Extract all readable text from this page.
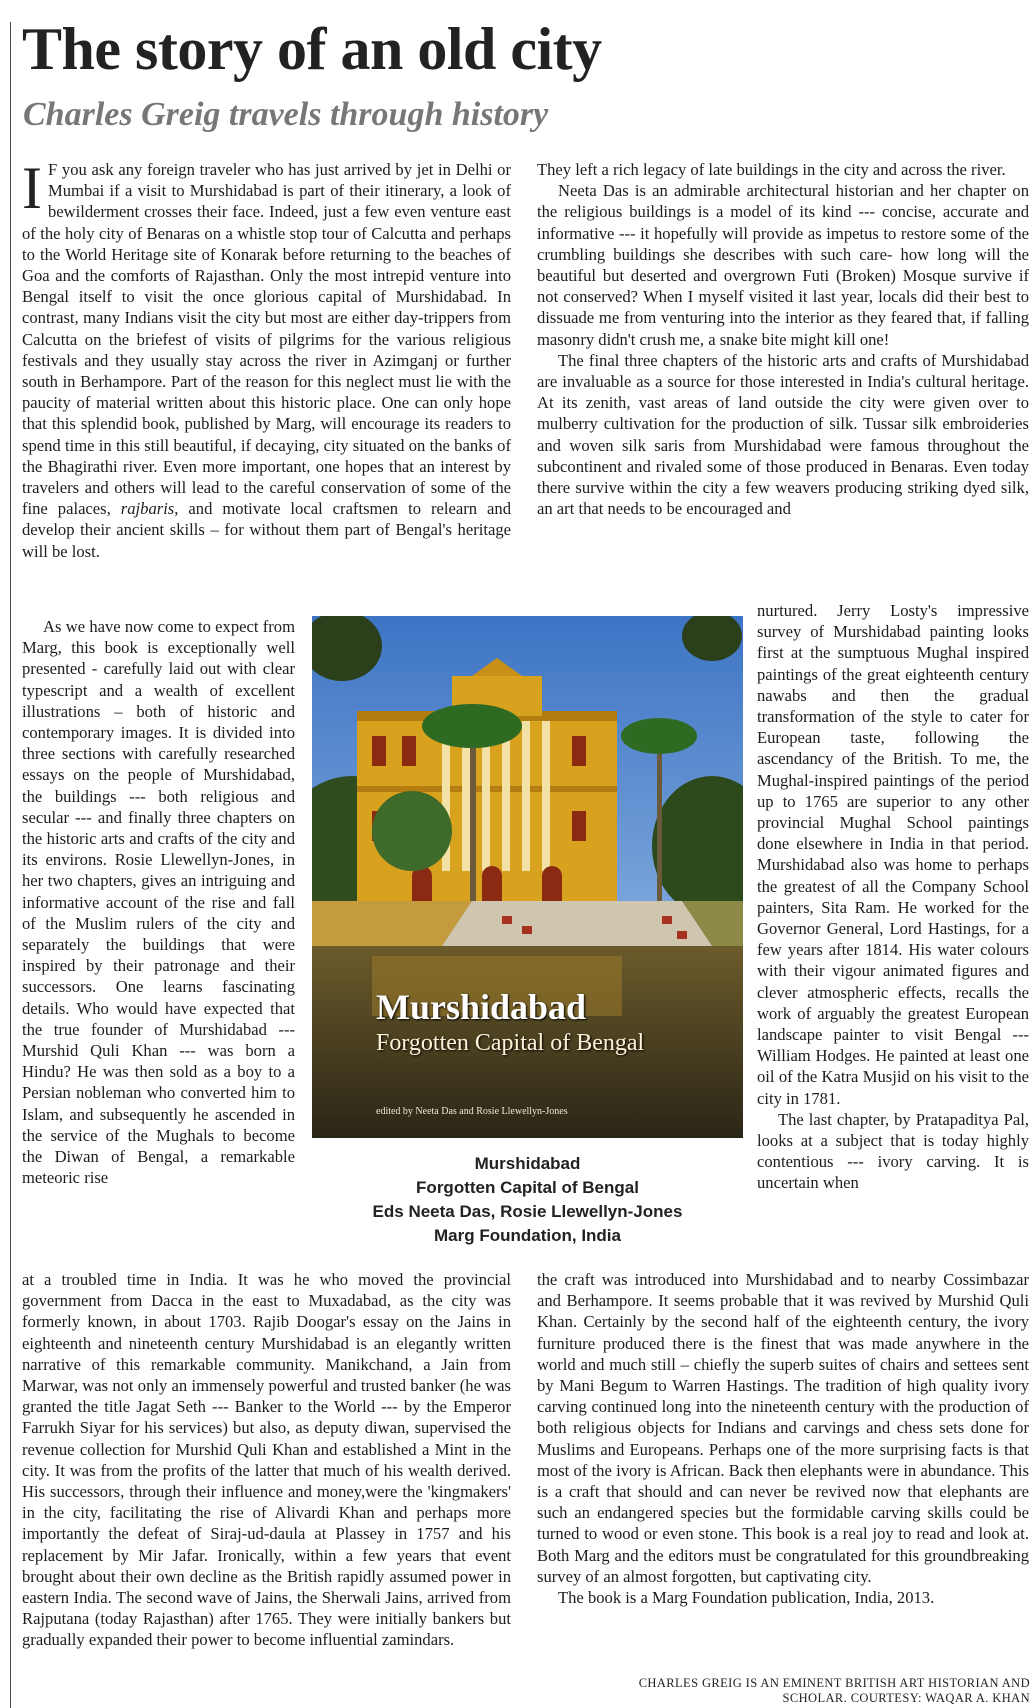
The story of an old city
Charles Greig travels through history
I F you ask any foreign traveler who has just arrived by jet in Delhi or Mumbai if a visit to Murshidabad is part of their itinerary, a look of bewilderment crosses their face. Indeed, just a few even venture east of the holy city of Benaras on a whistle stop tour of Calcutta and perhaps to the World Heritage site of Konarak before returning to the beaches of Goa and the comforts of Rajasthan. Only the most intrepid venture into Bengal itself to visit the once glorious capital of Murshidabad. In contrast, many Indians visit the city but most are either day-trippers from Calcutta on the briefest of visits of pilgrims for the various religious festivals and they usually stay across the river in Azimganj or further south in Berhampore. Part of the reason for this neglect must lie with the paucity of material written about this historic place. One can only hope that this splendid book, published by Marg, will encourage its readers to spend time in this still beautiful, if decaying, city situated on the banks of the Bhagirathi river. Even more important, one hopes that an interest by travelers and others will lead to the careful conservation of some of the fine palaces, rajbaris, and motivate local craftsmen to relearn and develop their ancient skills – for without them part of Bengal's heritage will be lost.

As we have now come to expect from Marg, this book is exceptionally well presented - carefully laid out with clear typescript and a wealth of excellent illustrations – both of historic and contemporary images. It is divided into three sections with carefully researched essays on the people of Murshidabad, the buildings --- both religious and secular --- and finally three chapters on the historic arts and crafts of the city and its environs. Rosie Llewellyn-Jones, in her two chapters, gives an intriguing and informative account of the rise and fall of the Muslim rulers of the city and separately the buildings that were inspired by their patronage and their successors. One learns fascinating details. Who would have expected that the true founder of Murshidabad --- Murshid Quli Khan --- was born a Hindu? He was then sold as a boy to a Persian nobleman who converted him to Islam, and subsequently he ascended in the service of the Mughals to become the Diwan of Bengal, a remarkable meteoric rise

at a troubled time in India. It was he who moved the provincial government from Dacca in the east to Muxadabad, as the city was formerly known, in about 1703. Rajib Doogar's essay on the Jains in eighteenth and nineteenth century Murshidabad is an elegantly written narrative of this remarkable community. Manikchand, a Jain from Marwar, was not only an immensely powerful and trusted banker (he was granted the title Jagat Seth --- Banker to the World --- by the Emperor Farrukh Siyar for his services) but also, as deputy diwan, supervised the revenue collection for Murshid Quli Khan and established a Mint in the city. It was from the profits of the latter that much of his wealth derived. His successors, through their influence and money,were the 'kingmakers' in the city, facilitating the rise of Alivardi Khan and perhaps more importantly the defeat of Siraj-ud-daula at Plassey in 1757 and his replacement by Mir Jafar. Ironically, within a few years that event brought about their own decline as the British rapidly assumed power in eastern India. The second wave of Jains, the Sherwali Jains, arrived from Rajputana (today Rajasthan) after 1765. They were initially bankers but gradually expanded their power to become influential zamindars.

They left a rich legacy of late buildings in the city and across the river.

Neeta Das is an admirable architectural historian and her chapter on the religious buildings is a model of its kind --- concise, accurate and informative --- it hopefully will provide as impetus to restore some of the crumbling buildings she describes with such care- how long will the beautiful but deserted and overgrown Futi (Broken) Mosque survive if not conserved? When I myself visited it last year, locals did their best to dissuade me from venturing into the interior as they feared that, if falling masonry didn't crush me, a snake bite might kill one!

The final three chapters of the historic arts and crafts of Murshidabad are invaluable as a source for those interested in India's cultural heritage. At its zenith, vast areas of land outside the city were given over to mulberry cultivation for the production of silk. Tussar silk embroideries and woven silk saris from Murshidabad were famous throughout the subcontinent and rivaled some of those produced in Benaras. Even today there survive within the city a few weavers producing striking dyed silk, an art that needs to be encouraged and

nurtured. Jerry Losty's impressive survey of Murshidabad painting looks first at the sumptuous Mughal inspired paintings of the great eighteenth century nawabs and then the gradual transformation of the style to cater for European taste, following the ascendancy of the British. To me, the Mughal-inspired paintings of the period up to 1765 are superior to any other provincial Mughal School paintings done elsewhere in India in that period. Murshidabad also was home to perhaps the greatest of all the Company School painters, Sita Ram. He worked for the Governor General, Lord Hastings, for a few years after 1814. His water colours with their vigour animated figures and clever atmospheric effects, recalls the work of arguably the greatest European landscape painter to visit Bengal --- William Hodges. He painted at least one oil of the Katra Musjid on his visit to the city in 1781.

The last chapter, by Pratapaditya Pal, looks at a subject that is today highly contentious --- ivory carving. It is uncertain when

the craft was introduced into Murshidabad and to nearby Cossimbazar and Berhampore. It seems probable that it was revived by Murshid Quli Khan. Certainly by the second half of the eighteenth century, the ivory furniture produced there is the finest that was made anywhere in the world and much still – chiefly the superb suites of chairs and settees sent by Mani Begum to Warren Hastings. The tradition of high quality ivory carving continued long into the nineteenth century with the production of both religious objects for Indians and carvings and chess sets done for Muslims and Europeans. Perhaps one of the more surprising facts is that most of the ivory is African. Back then elephants were in abundance. This is a craft that should and can never be revived now that elephants are such an endangered species but the formidable carving skills could be turned to wood or even stone. This book is a real joy to read and look at. Both Marg and the editors must be congratulated for this groundbreaking survey of an almost forgotten, but captivating city.

The book is a Marg Foundation publication, India, 2013.

Murshidabad
Forgotten Capital of Bengal
edited by Neeta Das and Rosie Llewellyn-Jones
Murshidabad
Forgotten Capital of Bengal
Eds Neeta Das, Rosie Llewellyn-Jones
Marg Foundation, India
CHARLES GREIG IS AN EMINENT BRITISH ART HISTORIAN AND
SCHOLAR. COURTESY: WAQAR A. KHAN
